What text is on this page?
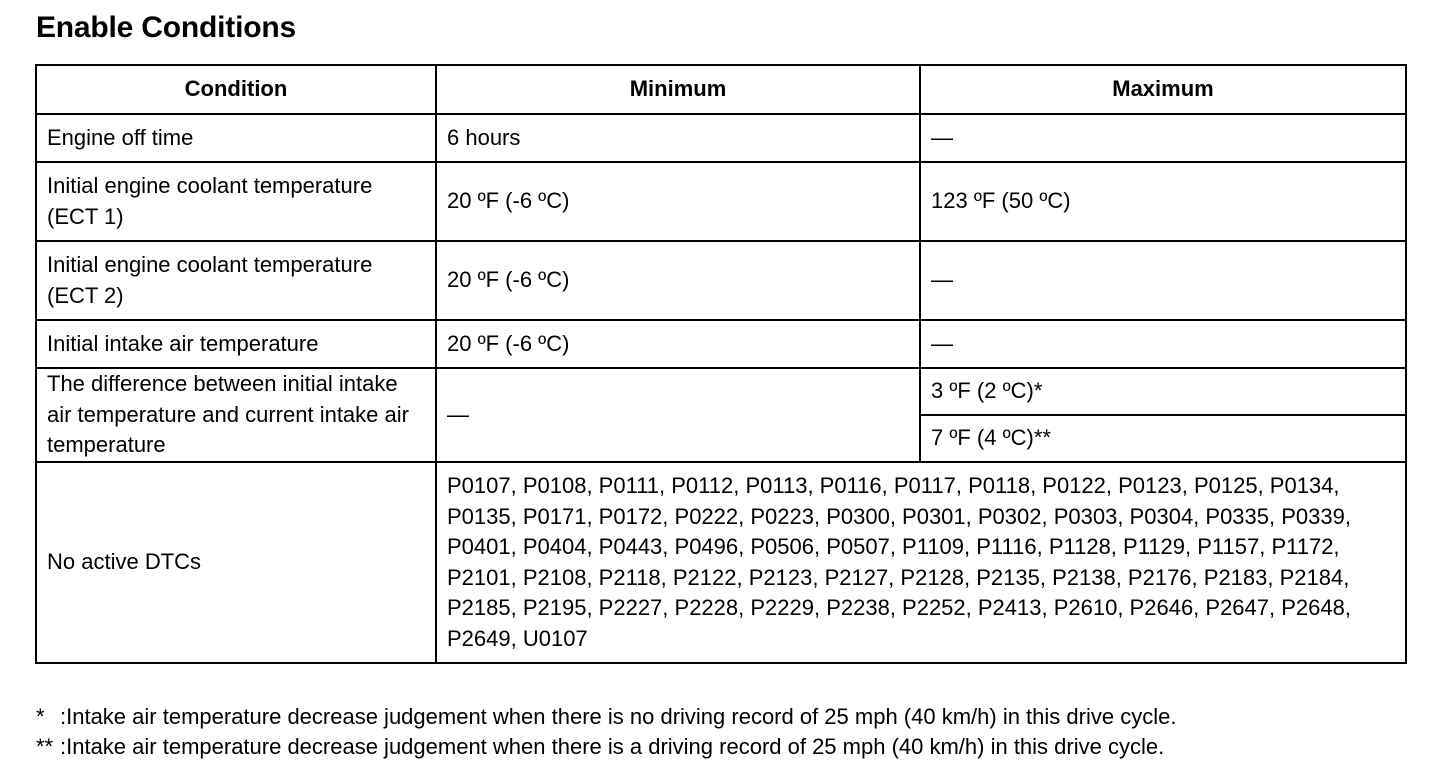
Enable Conditions
Condition	Minimum	Maximum
Engine off time	6 hours	—
Initial engine coolant temperature (ECT 1)	20 ºF (-6 ºC)	123 ºF (50 ºC)
Initial engine coolant temperature (ECT 2)	20 ºF (-6 ºC)	—
Initial intake air temperature	20 ºF (-6 ºC)	—
The difference between initial intake air temperature and current intake air temperature	—	3 ºF (2 ºC)*
		7 ºF (4 ºC)**
No active DTCs	P0107, P0108, P0111, P0112, P0113, P0116, P0117, P0118, P0122, P0123, P0125, P0134, P0135, P0171, P0172, P0222, P0223, P0300, P0301, P0302, P0303, P0304, P0335, P0339, P0401, P0404, P0443, P0496, P0506, P0507, P1109, P1116, P1128, P1129, P1157, P1172, P2101, P2108, P2118, P2122, P2123, P2127, P2128, P2135, P2138, P2176, P2183, P2184, P2185, P2195, P2227, P2228, P2229, P2238, P2252, P2413, P2610, P2646, P2647, P2648, P2649, U0107	
* :Intake air temperature decrease judgement when there is no driving record of 25 mph (40 km/h) in this drive cycle.
** :Intake air temperature decrease judgement when there is a driving record of 25 mph (40 km/h) in this drive cycle.
